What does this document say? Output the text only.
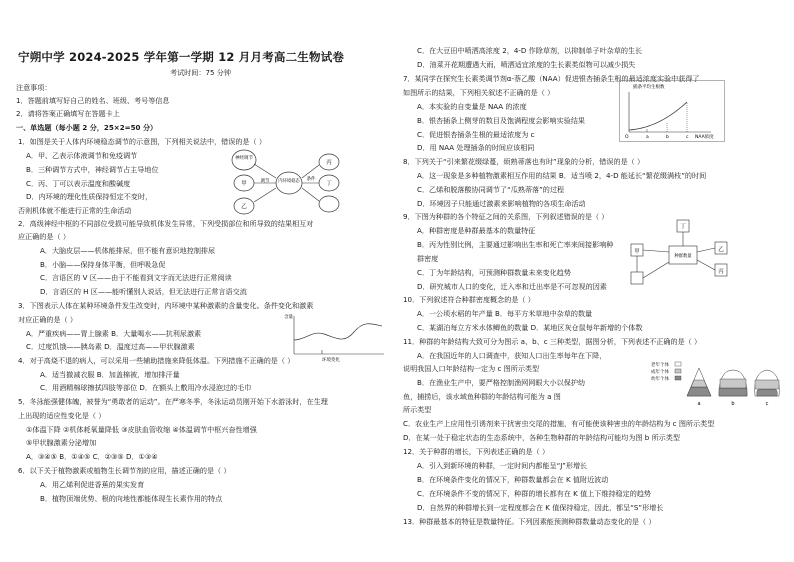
宁朔中学 2024-2025 学年第一学期 12 月月考高二生物试卷
考试时间：75 分钟
注意事项：
1．答题前填写好自己的姓名、班级、考号等信息
2．请将答案正确填写在答题卡上
一、单选题（每小题 2 分，25×2=50 分）
1．如图是关于人体内环境稳态调节的示意图，下列相关说法中，错误的是（ ）
A．甲、乙表示体液调节和免疫调节
B．三种调节方式中，神经调节占主导地位
C．丙、丁可以表示温度和酸碱度
D．内环境的理化性质保持恒定不变时，
否则机体就不能进行正常的生命活动
神经调节
甲
乙
调节 内环境稳态 条件
丙
丁
2．高级神经中枢的不同部位受损可能导致机体发生异常，下列受损部位和所导致的结果相互对
应正确的是（ ）
A．大脑皮层——机体能排尿，但不能有意识地控制排尿
B．小脑——保持身体平衡，但呼吸急促
C．言语区的 V 区——由于不能看到文字而无法进行正常阅读
D．言语区的 H 区——能听懂别人说话，但无法进行正常言语交流
3．下图表示人体在某种环境条件发生改变时，内环境中某种激素的含量变化。条件变化和激素
对应正确的是（ ）
A．严重疾病——胃上腺素 B．大量喝水——抗利尿激素
C．过度饥饿——胰岛素 D．温度过高——甲状腺激素
含量
环境变化
4．对于高烧不退的病人，可以采用一些辅助措施来降低体温。下列措施不正确的是（ ）
A．适当撤减衣服 B．加盖棉被，增加排汗量
C．用酒精棉球擦拭四肢等部位 D．在额头上敷用冷水浸泡过的毛巾
5．冬泳能强健体魄，被誉为“勇敢者的运动”。在严寒冬季，冬泳运动员刚开始下水游泳时，在生理
上出现的适应性变化是（ ）
①体温下降 ②机体耗氧量降低 ③皮肤血管收缩 ④体温调节中枢兴奋性增强
⑤甲状腺激素分泌增加
A．③④⑤ B．①④⑤ C．②③⑤ D．①③④
6．以下关于植物激素或植物生长调节剂的应用，描述正确的是（ ）
A．用乙烯利促进香蕉的果实发育
B．植物顶端优势、根的向地性都能体现生长素作用的特点
C．在大豆田中喷洒高浓度 2，4-D 作除草剂，以抑制单子叶杂草的生长
D．油菜开花期遭遇大雨，喷洒适宜浓度的生长素类似物可以减少损失
7．某同学在探究生长素类调节剂α-萘乙酸（NAA）促进银杏插条生根的最适浓度实验中获得了
如图所示的结果，下列相关叙述不正确的是（ ）
A．本实验的自变量是 NAA 的浓度
B．银杏插条上侧芽的数目及饱满程度会影响实验结果
C．促进银杏插条生根的最适浓度为 c
D．用 NAA 处理插条的时间应该相同
插条平均生根数
O	a	b	c NAA浓度
8．下列关于“引来繁花缀绿蔓，烦熟蒂落也有时”现象的分析，错误的是（ ）
A．这一现象是多种植物激素相互作用的结果 B．适当喷 2，4-D 能延长“繁花缀满枝”的时间
C．乙烯和脱落酸协同调节了“瓜熟蒂落”的过程
D．环境因子只能通过激素来影响植物的各项生命活动
9．下图为种群的各个特征之间的关系图，下列叙述错误的是（ ）
A．种群密度是种群最基本的数量特征
B．丙为性别比例，主要通过影响出生率和死亡率来间接影响种
群密度
C．丁为年龄结构，可预测种群数量未来变化趋势
D．研究城市人口的变化，迁入率和迁出率是不可忽视的因素
丁
甲
种群数量
乙
丙
10．下列叙述符合种群密度概念的是（ ）
A．一公顷水稻的年产量 B．每平方米草地中杂草的数量
C．某湖泊每立方米水体鲫鱼的数量 D．某地区灰仓鼠每年新增的个体数
11．种群的年龄结构大致可分为图示 a、b、c 三种类型，据图分析，下列表述不正确的是（ ）
A．在我国近年的人口调查中，获知人口出生率每年在下降，
说明我国人口年龄结构一定为 c 图所示类型
B．在渔业生产中，要严格控制渔网网眼大小以保护幼
鱼，捕捞后，该水域鱼种群的年龄结构可能为 a 图
所示类型
老年个体
成年个体
幼年个体
a	b	c
C．农业生产上应用性引诱剂来干扰害虫交尾的措施，有可能使该种害虫的年龄结构为 c 图所示类型
D．在某一处于稳定状态的生态系统中，各种生物种群的年龄结构可能均为图 b 所示类型
12．关于种群的增长，下列表述正确的是（ ）
A．引入到新环境的种群，一定时间内都能呈“J”形增长
B．在环境条件变化的情况下，种群数量都会在 K 值附近波动
C．在环境条件不变的情况下，种群的增长都有在 K 值上下维持稳定的趋势
D．自然界的种群增长到一定程度都会在 K 值保持稳定，因此，都呈“S”形增长
13．种群最基本的特征是数量特征。下列因素能预测种群数量动态变化的是（ ）
